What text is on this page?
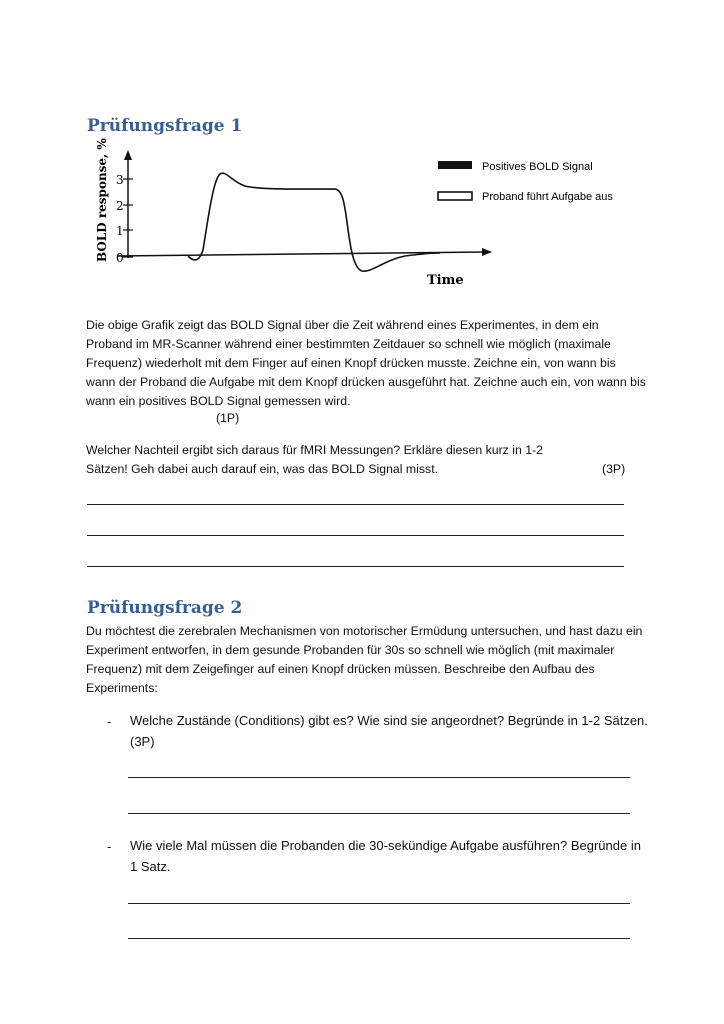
Prüfungsfrage 1
0
1
2
3
BOLD response, %
Time
Positives BOLD Signal
Proband führt Aufgabe aus

Die obige Grafik zeigt das BOLD Signal über die Zeit während eines Experimentes, in dem ein Proband im MR-Scanner während einer bestimmten Zeitdauer so schnell wie möglich (maximale Frequenz) wiederholt mit dem Finger auf einen Knopf drücken musste. Zeichne ein, von wann bis wann der Proband die Aufgabe mit dem Knopf drücken ausgeführt hat. Zeichne auch ein, von wann bis wann ein positives BOLD Signal gemessen wird.

(1P)

Welcher Nachteil ergibt sich daraus für fMRI Messungen? Erkläre diesen kurz in 1-2 Sätzen! Geh dabei auch darauf ein, was das BOLD Signal misst.	(3P)
Prüfungsfrage 2

Du möchtest die zerebralen Mechanismen von motorischer Ermüdung untersuchen, und hast dazu ein Experiment entworfen, in dem gesunde Probanden für 30s so schnell wie möglich (mit maximaler Frequenz) mit dem Zeigefinger auf einen Knopf drücken müssen. Beschreibe den Aufbau des Experiments:

- Welche Zustände (Conditions) gibt es? Wie sind sie angeordnet? Begründe in 1-2 Sätzen. (3P)

- Wie viele Mal müssen die Probanden die 30-sekündige Aufgabe ausführen? Begründe in 1 Satz.
